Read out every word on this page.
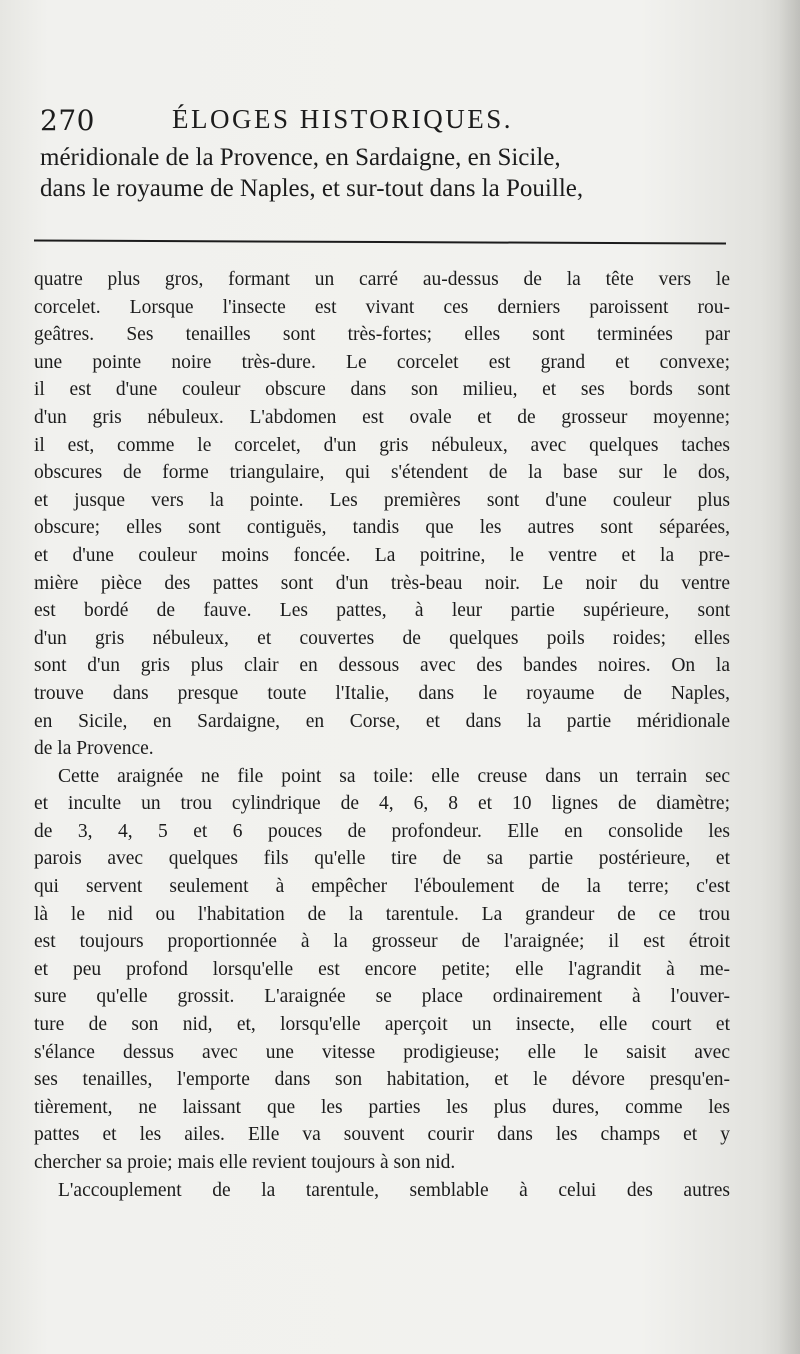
270	ÉLOGES HISTORIQUES.
méridionale de la Provence, en Sardaigne, en Sicile,
dans le royaume de Naples, et sur-tout dans la Pouille,
quatre plus gros, formant un carré au-dessus de la tête vers le
corcelet. Lorsque l'insecte est vivant ces derniers paroissent rou-
geâtres. Ses tenailles sont très-fortes; elles sont terminées par
une pointe noire très-dure. Le corcelet est grand et convexe;
il est d'une couleur obscure dans son milieu, et ses bords sont
d'un gris nébuleux. L'abdomen est ovale et de grosseur moyenne;
il est, comme le corcelet, d'un gris nébuleux, avec quelques taches
obscures de forme triangulaire, qui s'étendent de la base sur le dos,
et jusque vers la pointe. Les premières sont d'une couleur plus
obscure; elles sont contiguës, tandis que les autres sont séparées,
et d'une couleur moins foncée. La poitrine, le ventre et la pre-
mière pièce des pattes sont d'un très-beau noir. Le noir du ventre
est bordé de fauve. Les pattes, à leur partie supérieure, sont
d'un gris nébuleux, et couvertes de quelques poils roides; elles
sont d'un gris plus clair en dessous avec des bandes noires. On la
trouve dans presque toute l'Italie, dans le royaume de Naples,
en Sicile, en Sardaigne, en Corse, et dans la partie méridionale
de la Provence.
Cette araignée ne file point sa toile: elle creuse dans un terrain sec
et inculte un trou cylindrique de 4, 6, 8 et 10 lignes de diamètre;
de 3, 4, 5 et 6 pouces de profondeur. Elle en consolide les
parois avec quelques fils qu'elle tire de sa partie postérieure, et
qui servent seulement à empêcher l'éboulement de la terre; c'est
là le nid ou l'habitation de la tarentule. La grandeur de ce trou
est toujours proportionnée à la grosseur de l'araignée; il est étroit
et peu profond lorsqu'elle est encore petite; elle l'agrandit à me-
sure qu'elle grossit. L'araignée se place ordinairement à l'ouver-
ture de son nid, et, lorsqu'elle aperçoit un insecte, elle court et
s'élance dessus avec une vitesse prodigieuse; elle le saisit avec
ses tenailles, l'emporte dans son habitation, et le dévore presqu'en-
tièrement, ne laissant que les parties les plus dures, comme les
pattes et les ailes. Elle va souvent courir dans les champs et y
chercher sa proie; mais elle revient toujours à son nid.
L'accouplement de la tarentule, semblable à celui des autres
